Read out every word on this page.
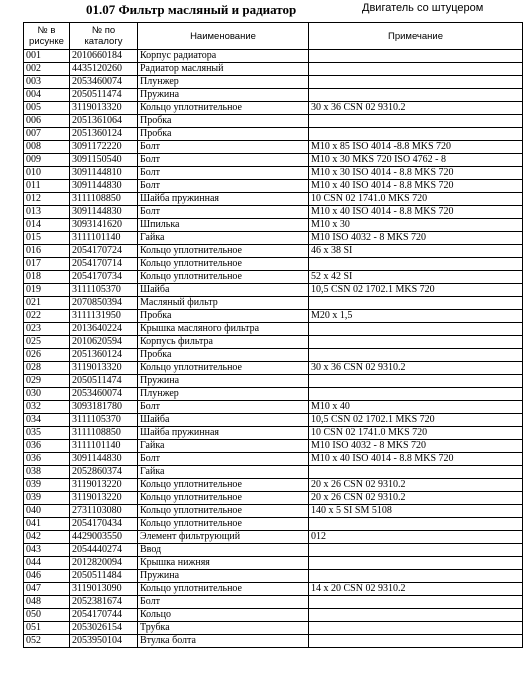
01.07 Фильтр масляный и радиатор	Двигатель со штуцером
№ в рисунке	№ по каталогу	Наименование	Примечание
001	2010660184	Корпус радиатора	
002	4435120260	Радиатор масляный	
003	2053460074	Плунжер	
004	2050511474	Пружина	
005	3119013320	Кольцо уплотнительное	30 x 36 CSN 02 9310.2
006	2051361064	Пробка	
007	2051360124	Пробка	
008	3091172220	Болт	M10 x 85 ISO 4014 -8.8 MKS 720
009	3091150540	Болт	M10 x 30 MKS 720 ISO 4762 - 8
010	3091144810	Болт	M10 x 30 ISO 4014 - 8.8 MKS 720
011	3091144830	Болт	M10 x 40 ISO 4014 - 8.8 MKS 720
012	3111108850	Шайба пружинная	10 CSN 02 1741.0 MKS 720
013	3091144830	Болт	M10 x 40 ISO 4014 - 8.8 MKS 720
014	3093141620	Шпилька	M10 x 30
015	3111101140	Гайка	M10 ISO 4032 - 8 MKS 720
016	2054170724	Кольцо уплотнительное	46 x 38 SI
017	2054170714	Кольцо уплотнительное	
018	2054170734	Кольцо уплотнительное	52 x 42 SI
019	3111105370	Шайба	10,5 CSN 02 1702.1 MKS 720
021	2070850394	Масляный фильтр	
022	3111131950	Пробка	M20 x 1,5
023	2013640224	Крышка масляного фильтра	
025	2010620594	Корпусь фильтра	
026	2051360124	Пробка	
028	3119013320	Кольцо уплотнительное	30 x 36 CSN 02 9310.2
029	2050511474	Пружина	
030	2053460074	Плунжер	
032	3093181780	Болт	M10 x 40
034	3111105370	Шайба	10,5 CSN 02 1702.1 MKS 720
035	3111108850	Шайба пружинная	10 CSN 02 1741.0 MKS 720
036	3111101140	Гайка	M10 ISO 4032 - 8 MKS 720
036	3091144830	Болт	M10 x 40 ISO 4014 - 8.8 MKS 720
038	2052860374	Гайка	
039	3119013220	Кольцо уплотнительное	20 x 26 CSN 02 9310.2
039	3119013220	Кольцо уплотнительное	20 x 26 CSN 02 9310.2
040	2731103080	Кольцо уплотнительное	140 x 5 SI SM 5108
041	2054170434	Кольцо уплотнительное	
042	4429003550	Элемент фильтрующий	012
043	2054440274	Ввод	
044	2012820094	Крышка нижняя	
046	2050511484	Пружина	
047	3119013090	Кольцо уплотнительное	14 x 20 CSN 02 9310.2
048	2052381674	Болт	
050	2054170744	Кольцо	
051	2053026154	Трубка	
052	2053950104	Втулка болта	
